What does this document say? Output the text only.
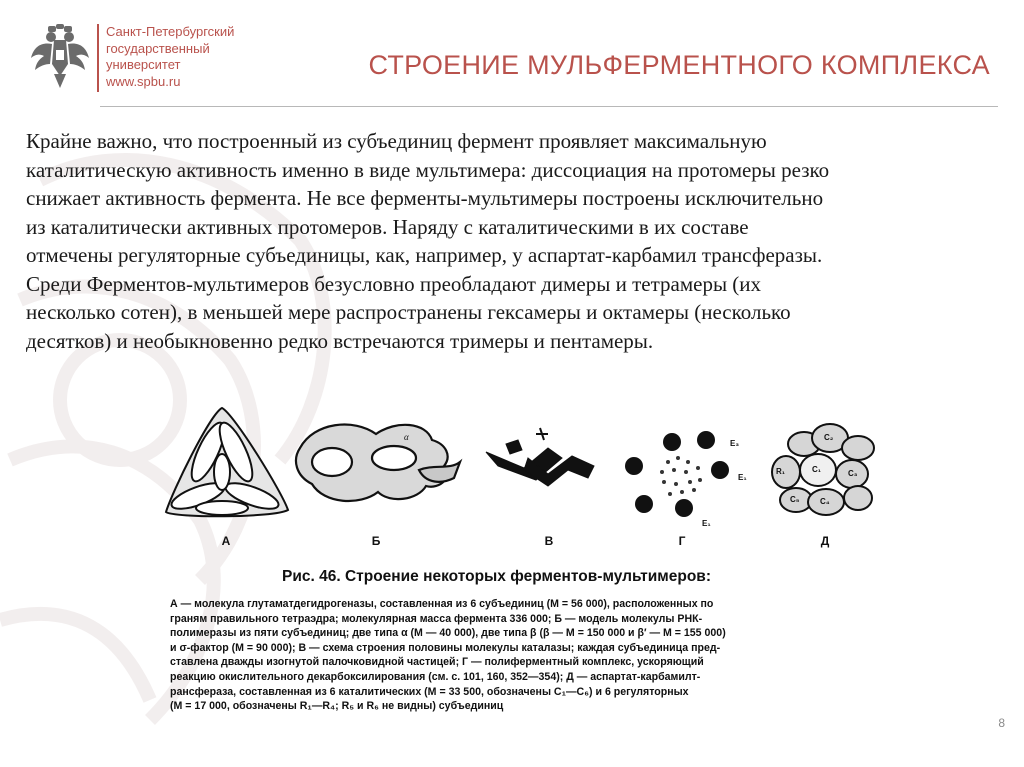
Санкт-Петербургский
государственный
университет
www.spbu.ru
СТРОЕНИЕ МУЛЬФЕРМЕНТНОГО КОМПЛЕКСА
Крайне важно, что построенный из субъединиц фермент проявляет максимальную
каталитическую активность именно в виде мультимера: диссоциация на протомеры резко
снижает активность фермента. Не все ферменты-мультимеры построены исключительно
из каталитически активных протомеров. Наряду с каталитическими в их составе
отмечены регуляторные субъединицы, как, например, у аспартат-карбамил трансферазы.
Среди Ферментов-мультимеров безусловно преобладают димеры и тетрамеры (их
несколько сотен), в меньшей мере распространены гексамеры и октамеры (несколько
десятков) и необыкновенно редко встречаются тримеры и пентамеры.
α
E₃
E₁
E₁
C₂
R₁	C₁	C₃
C₅	C₄
А	Б	В	Г	Д
Рис. 46. Строение некоторых ферментов-мультимеров:
А — молекула глутаматдегидрогеназы, составленная из 6 субъединиц (M = 56 000), расположенных по
граням правильного тетраэдра; молекулярная масса фермента 336 000; Б — модель молекулы РНК-
полимеразы из пяти субъединиц; две типа α (M — 40 000), две типа β (β — M = 150 000 и β′ — M = 155 000)
и σ-фактор (M = 90 000); В — схема строения половины молекулы каталазы; каждая субъединица пред-
ставлена дважды изогнутой палочковидной частицей; Г — полиферментный комплекс, ускоряющий
реакцию окислительного декарбоксилирования (см. с. 101, 160, 352—354); Д — аспартат-карбамилт-
рансфераза, составленная из 6 каталитических (M = 33 500, обозначены C₁—C₆) и 6 регуляторных
(M = 17 000, обозначены R₁—R₄; R₅ и R₆ не видны) субъединиц
8
